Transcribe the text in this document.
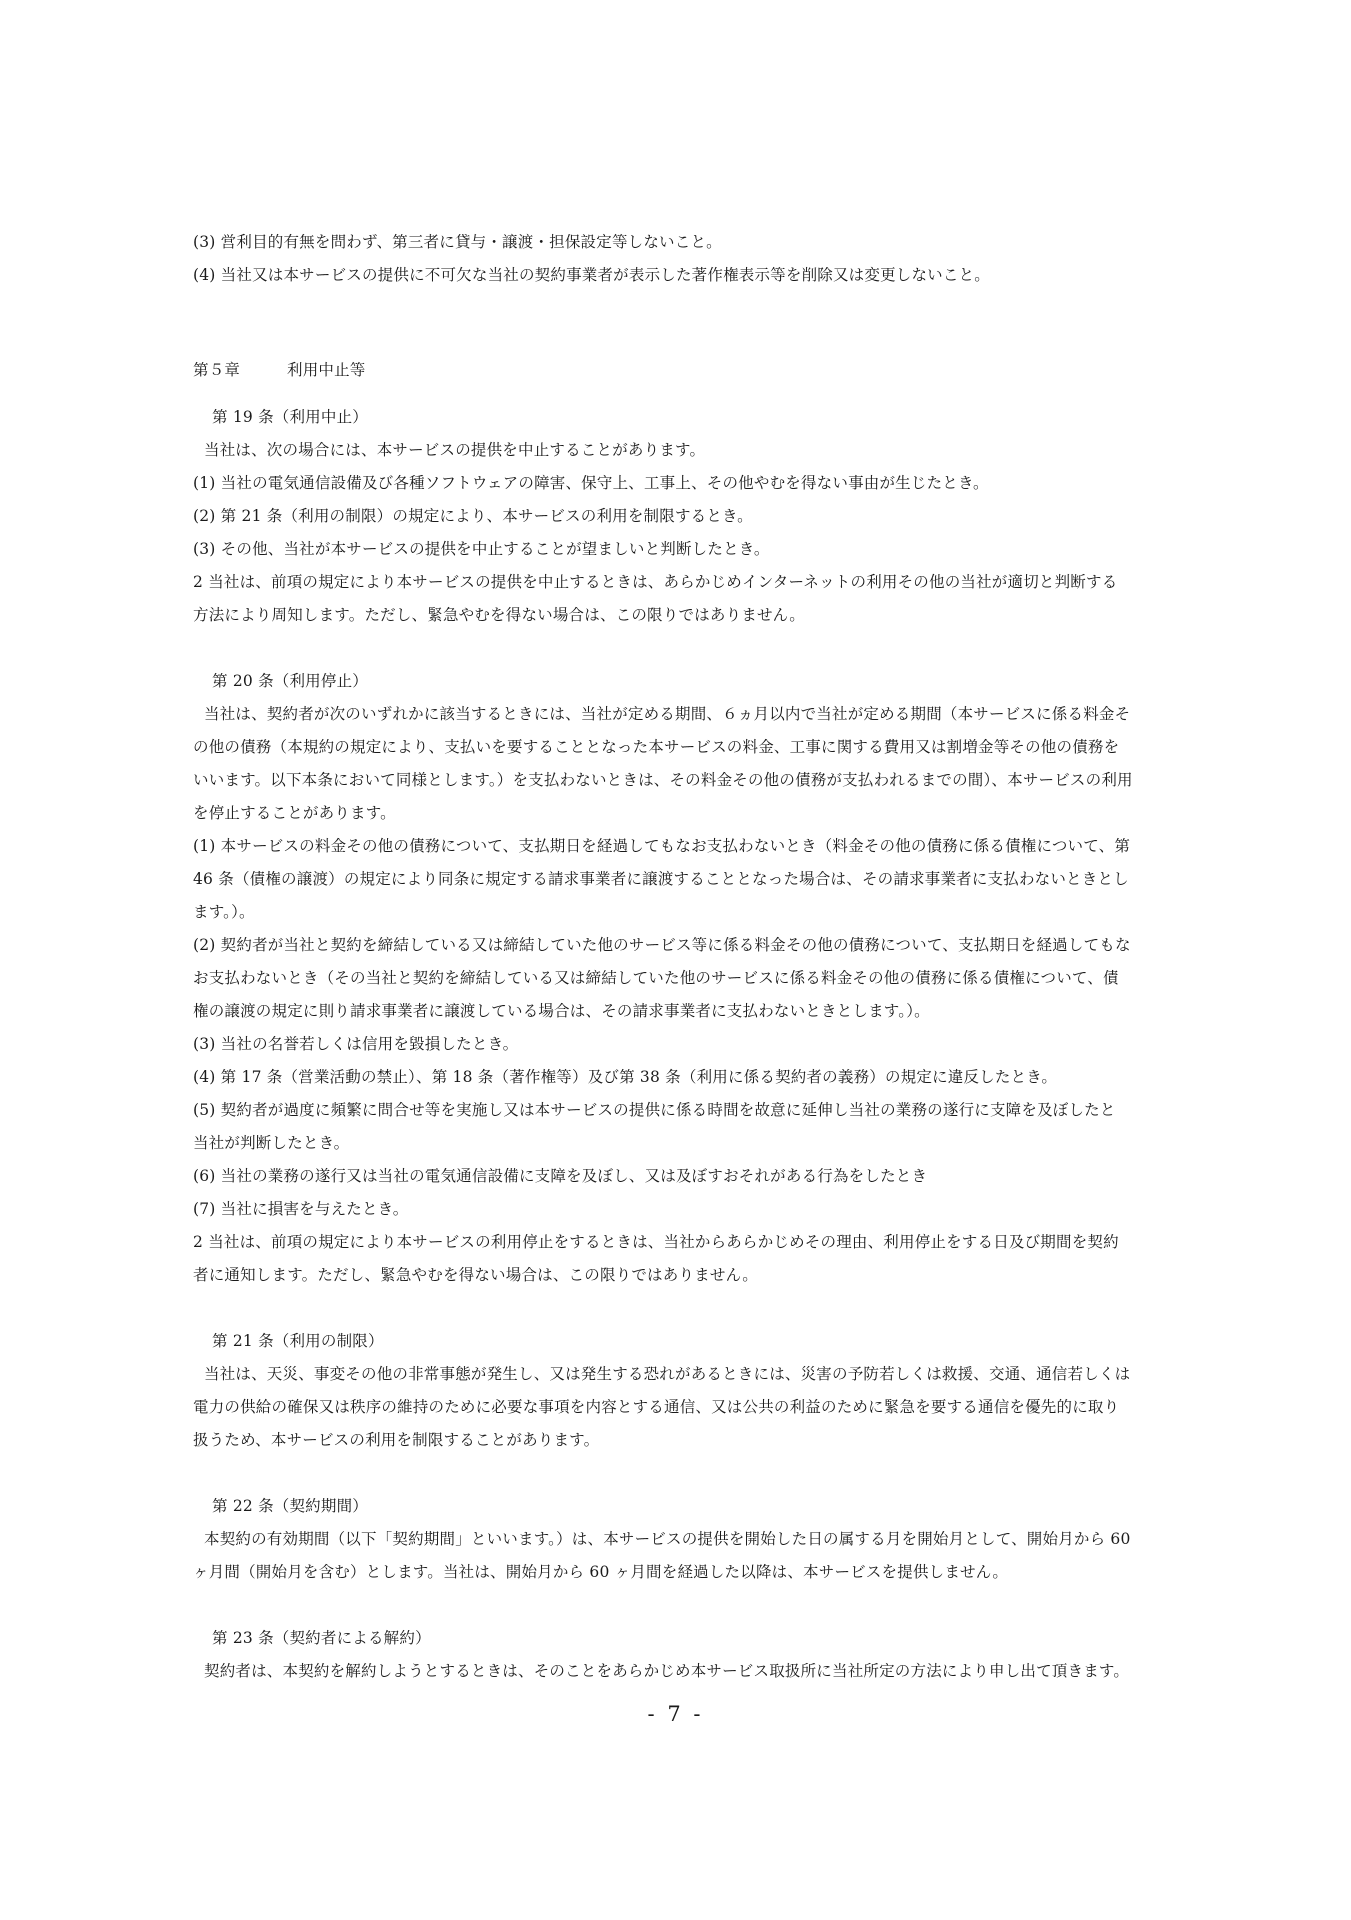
(3) 営利目的有無を問わず、第三者に貸与・譲渡・担保設定等しないこと。
(4) 当社又は本サービスの提供に不可欠な当社の契約事業者が表示した著作権表示等を削除又は変更しないこと。
第５章	利用中止等
第 19 条（利用中止）
当社は、次の場合には、本サービスの提供を中止することがあります。
(1) 当社の電気通信設備及び各種ソフトウェアの障害、保守上、工事上、その他やむを得ない事由が生じたとき。
(2) 第 21 条（利用の制限）の規定により、本サービスの利用を制限するとき。
(3) その他、当社が本サービスの提供を中止することが望ましいと判断したとき。
2 当社は、前項の規定により本サービスの提供を中止するときは、あらかじめインターネットの利用その他の当社が適切と判断する
方法により周知します。ただし、緊急やむを得ない場合は、この限りではありません。
第 20 条（利用停止）
当社は、契約者が次のいずれかに該当するときには、当社が定める期間、６ヵ月以内で当社が定める期間（本サービスに係る料金そ
の他の債務（本規約の規定により、支払いを要することとなった本サービスの料金、工事に関する費用又は割増金等その他の債務を
いいます。以下本条において同様とします。）を支払わないときは、その料金その他の債務が支払われるまでの間）、本サービスの利用
を停止することがあります。
(1) 本サービスの料金その他の債務について、支払期日を経過してもなお支払わないとき（料金その他の債務に係る債権について、第
46 条（債権の譲渡）の規定により同条に規定する請求事業者に譲渡することとなった場合は、その請求事業者に支払わないときとし
ます。）。
(2) 契約者が当社と契約を締結している又は締結していた他のサービス等に係る料金その他の債務について、支払期日を経過してもな
お支払わないとき（その当社と契約を締結している又は締結していた他のサービスに係る料金その他の債務に係る債権について、債
権の譲渡の規定に則り請求事業者に譲渡している場合は、その請求事業者に支払わないときとします。）。
(3) 当社の名誉若しくは信用を毀損したとき。
(4) 第 17 条（営業活動の禁止）、第 18 条（著作権等）及び第 38 条（利用に係る契約者の義務）の規定に違反したとき。
(5) 契約者が過度に頻繁に問合せ等を実施し又は本サービスの提供に係る時間を故意に延伸し当社の業務の遂行に支障を及ぼしたと
当社が判断したとき。
(6) 当社の業務の遂行又は当社の電気通信設備に支障を及ぼし、又は及ぼすおそれがある行為をしたとき
(7) 当社に損害を与えたとき。
2 当社は、前項の規定により本サービスの利用停止をするときは、当社からあらかじめその理由、利用停止をする日及び期間を契約
者に通知します。ただし、緊急やむを得ない場合は、この限りではありません。
第 21 条（利用の制限）
当社は、天災、事変その他の非常事態が発生し、又は発生する恐れがあるときには、災害の予防若しくは救援、交通、通信若しくは
電力の供給の確保又は秩序の維持のために必要な事項を内容とする通信、又は公共の利益のために緊急を要する通信を優先的に取り
扱うため、本サービスの利用を制限することがあります。
第 22 条（契約期間）
本契約の有効期間（以下「契約期間」といいます。）は、本サービスの提供を開始した日の属する月を開始月として、開始月から 60
ヶ月間（開始月を含む）とします。当社は、開始月から 60 ヶ月間を経過した以降は、本サービスを提供しません。
第 23 条（契約者による解約）
契約者は、本契約を解約しようとするときは、そのことをあらかじめ本サービス取扱所に当社所定の方法により申し出て頂きます。
- 7 -
